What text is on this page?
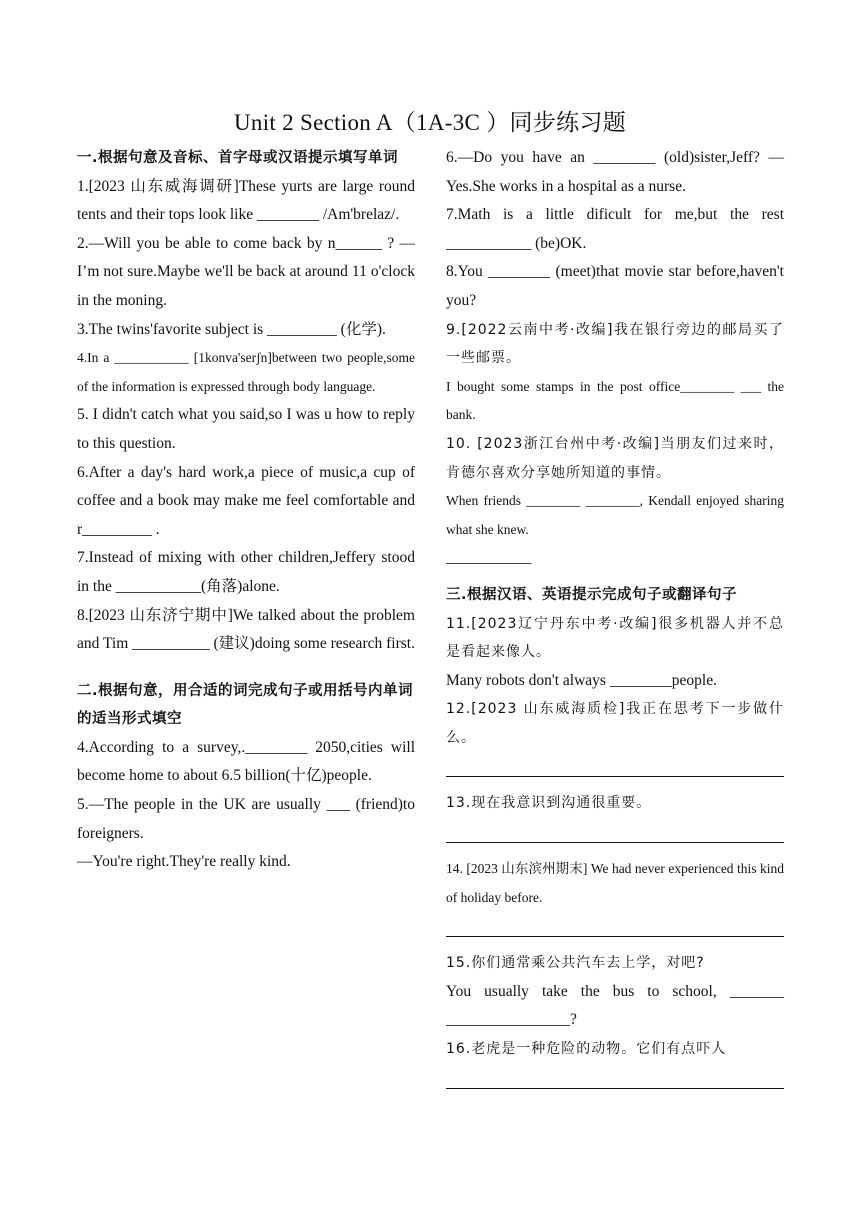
Unit 2 Section A（1A-3C ）同步练习题
一.根据句意及音标、首字母或汉语提示填写单词
1.[2023 山东威海调研]These yurts are large round tents and their tops look like ________ /Am'brelaz/.
2.—Will you be able to come back by n______ ? —I’m not sure.Maybe we'll be back at around 11 o'clock in the moning.
3.The twins'favorite subject is _________ (化学).
4.In a ___________ [1konva'serʃn]between two people,some of the information is expressed through body language.
5. I didn't catch what you said,so I was u how to reply to this question.
6.After a day's hard work,a piece of music,a cup of coffee and a book may make me feel comfortable and r_________ .
7.Instead of mixing with other children,Jeffery stood in the ___________(角落)alone.
8.[2023 山东济宁期中]We talked about the problem and Tim __________ (建议)doing some research first.
二.根据句意，用合适的词完成句子或用括号内单词的适当形式填空
4.According to a survey,.________ 2050,cities will become home to about 6.5 billion(十亿)people.
5.—The people in the UK are usually ___ (friend)to foreigners.
—You're right.They're really kind.
6.—Do you have an ________ (old)sister,Jeff? —Yes.She works in a hospital as a nurse.
7.Math is a little dificult for me,but the rest ___________ (be)OK.
8.You ________ (meet)that movie star before,haven't you?
9.[2022云南中考·改编]我在银行旁边的邮局买了一些邮票。
I bought some stamps in the post office________ ___ the bank.
10. [2023浙江台州中考·改编]当朋友们过来时，肯德尔喜欢分享她所知道的事情。
When friends ________ ________, Kendall enjoyed sharing what she knew.
___________
三.根据汉语、英语提示完成句子或翻译句子
11.[2023辽宁丹东中考·改编]很多机器人并不总是看起来像人。
Many robots don't always ________people.
12.[2023 山东威海质检]我正在思考下一步做什么。
13.现在我意识到沟通很重要。
14. [2023 山东滨州期末] We had never experienced this kind of holiday before.
15.你们通常乘公共汽车去上学，对吧?
You usually take the bus to school, _______ ________________?
16.老虎是一种危险的动物。它们有点吓人
